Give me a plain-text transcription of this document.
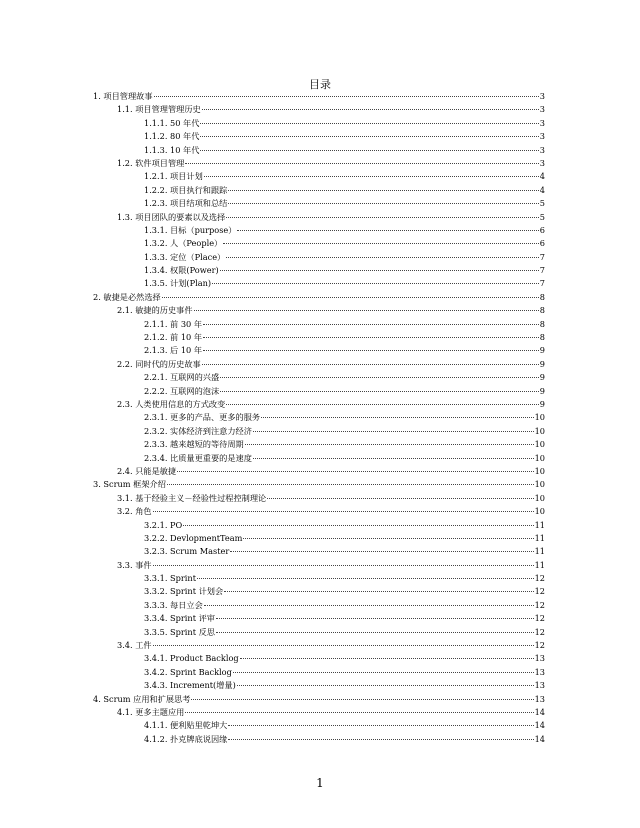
目录
1. 项目管理故事	3
1.1. 项目管理管理历史	3
1.1.1. 50 年代	3
1.1.2. 80 年代	3
1.1.3. 10 年代	3
1.2. 软件项目管理	3
1.2.1. 项目计划	4
1.2.2. 项目执行和跟踪	4
1.2.3. 项目结项和总结	5
1.3. 项目团队的要素以及选择	5
1.3.1. 目标（purpose）	6
1.3.2. 人（People）	6
1.3.3. 定位（Place）	7
1.3.4. 权限(Power)	7
1.3.5. 计划(Plan)	7
2. 敏捷是必然选择	8
2.1. 敏捷的历史事件	8
2.1.1. 前 30 年	8
2.1.2. 前 10 年	8
2.1.3. 后 10 年	9
2.2. 同时代的历史故事	9
2.2.1. 互联网的兴盛	9
2.2.2. 互联网的泡沫	9
2.3. 人类使用信息的方式改变	9
2.3.1. 更多的产品、更多的服务	10
2.3.2. 实体经济到注意力经济	10
2.3.3. 越来越短的等待周期	10
2.3.4. 比质量更重要的是速度	10
2.4. 只能是敏捷	10
3. Scrum 框架介绍	10
3.1. 基于经验主义－经验性过程控制理论	10
3.2. 角色	10
3.2.1. PO	11
3.2.2. DevlopmentTeam	11
3.2.3. Scrum Master	11
3.3. 事件	11
3.3.1. Sprint	12
3.3.2. Sprint 计划会	12
3.3.3. 每日立会	12
3.3.4. Sprint 评审	12
3.3.5. Sprint 反思	12
3.4. 工件	12
3.4.1. Product Backlog	13
3.4.2. Sprint Backlog	13
3.4.3. Increment(增量)	13
4. Scrum 应用和扩展思考	13
4.1. 更多主题应用	14
4.1.1. 便利贴里乾坤大	14
4.1.2. 扑克牌底说因缘	14
1
